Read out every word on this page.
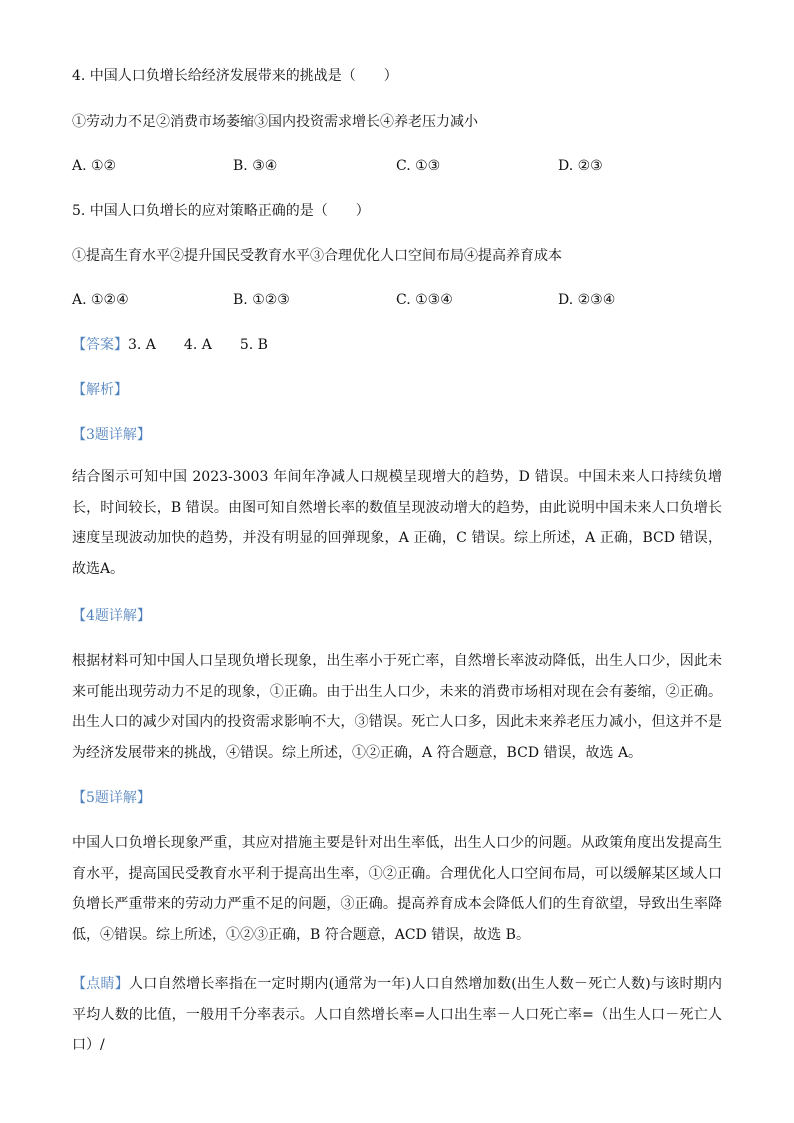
4. 中国人口负增长给经济发展带来的挑战是（　　）
①劳动力不足②消费市场萎缩③国内投资需求增长④养老压力减小
A. ①②	B. ③④	C. ①③	D. ②③
5. 中国人口负增长的应对策略正确的是（　　）
①提高生育水平②提升国民受教育水平③合理优化人口空间布局④提高养育成本
A. ①②④	B. ①②③	C. ①③④	D. ②③④
【答案】3. A　　4. A　　5. B
【解析】
【3题详解】

结合图示可知中国 2023-3003 年间年净减人口规模呈现增大的趋势，D 错误。中国未来人口持续负增长，时间较长，B 错误。由图可知自然增长率的数值呈现波动增大的趋势，由此说明中国未来人口负增长速度呈现波动加快的趋势，并没有明显的回弹现象，A 正确，C 错误。综上所述，A 正确，BCD 错误，故选A。

【4题详解】

根据材料可知中国人口呈现负增长现象，出生率小于死亡率，自然增长率波动降低，出生人口少，因此未来可能出现劳动力不足的现象，①正确。由于出生人口少，未来的消费市场相对现在会有萎缩，②正确。出生人口的减少对国内的投资需求影响不大，③错误。死亡人口多，因此未来养老压力减小，但这并不是为经济发展带来的挑战，④错误。综上所述，①②正确，A 符合题意，BCD 错误，故选 A。

【5题详解】

中国人口负增长现象严重，其应对措施主要是针对出生率低，出生人口少的问题。从政策角度出发提高生育水平，提高国民受教育水平利于提高出生率，①②正确。合理优化人口空间布局，可以缓解某区域人口负增长严重带来的劳动力严重不足的问题，③正确。提高养育成本会降低人们的生育欲望，导致出生率降低，④错误。综上所述，①②③正确，B 符合题意，ACD 错误，故选 B。

【点睛】人口自然增长率指在一定时期内(通常为一年)人口自然增加数(出生人数－死亡人数)与该时期内平均人数的比值，一般用千分率表示。人口自然增长率=人口出生率－人口死亡率=（出生人口－死亡人口）/
